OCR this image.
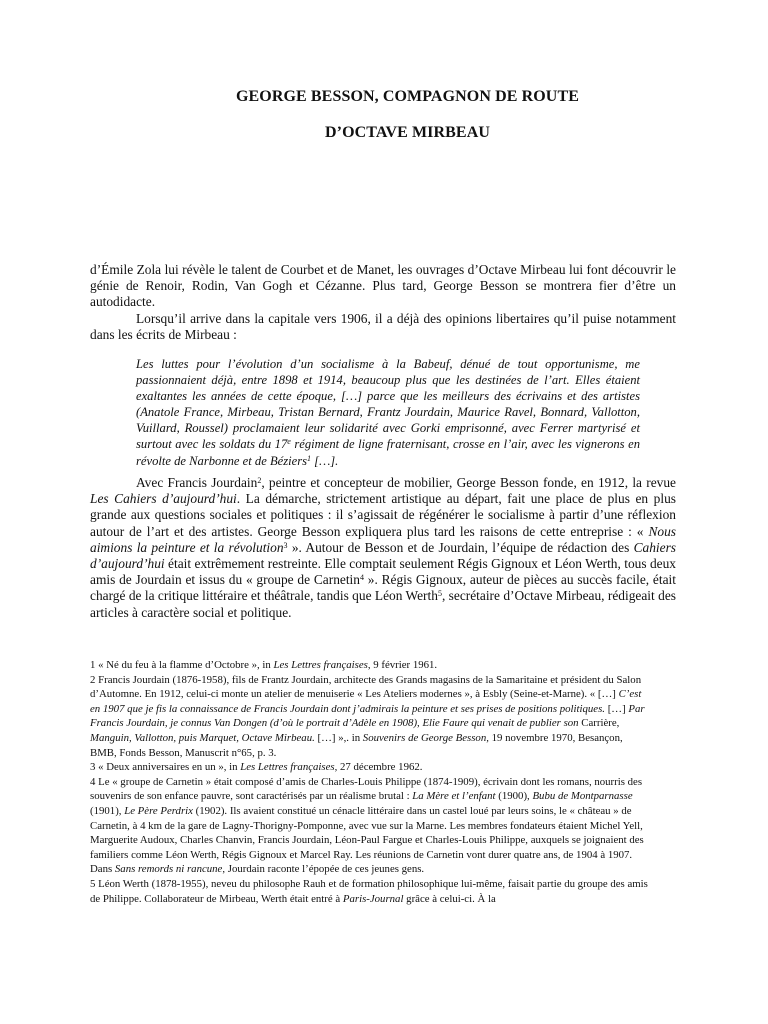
GEORGE BESSON, COMPAGNON DE ROUTE
D’OCTAVE MIRBEAU

d’Émile Zola lui révèle le talent de Courbet et de Manet, les ouvrages d’Octave Mirbeau lui font découvrir le génie de Renoir, Rodin, Van Gogh et Cézanne. Plus tard, George Besson se montrera fier d’être un autodidacte.

Lorsqu’il arrive dans la capitale vers 1906, il a déjà des opinions libertaires qu’il puise notamment dans les écrits de Mirbeau :

Les luttes pour l’évolution d’un socialisme à la Babeuf, dénué de tout opportunisme, me passionnaient déjà, entre 1898 et 1914, beaucoup plus que les destinées de l’art. Elles étaient exaltantes les années de cette époque, […] parce que les meilleurs des écrivains et des artistes (Anatole France, Mirbeau, Tristan Bernard, Frantz Jourdain, Maurice Ravel, Bonnard, Vallotton, Vuillard, Roussel) proclamaient leur solidarité avec Gorki emprisonné, avec Ferrer martyrisé et surtout avec les soldats du 17e régiment de ligne fraternisant, crosse en l’air, avec les vignerons en révolte de Narbonne et de Béziers$^1$ […].

Avec Francis Jourdain$^2$, peintre et concepteur de mobilier, George Besson fonde, en 1912, la revue Les Cahiers d’aujourd’hui. La démarche, strictement artistique au départ, fait une place de plus en plus grande aux questions sociales et politiques : il s’agissait de régénérer le socialisme à partir d’une réflexion autour de l’art et des artistes. George Besson expliquera plus tard les raisons de cette entreprise : « Nous aimions la peinture et la révolution$^3$ ». Autour de Besson et de Jourdain, l’équipe de rédaction des Cahiers d’aujourd’hui était extrêmement restreinte. Elle comptait seulement Régis Gignoux et Léon Werth, tous deux amis de Jourdain et issus du « groupe de Carnetin$^4$ ». Régis Gignoux, auteur de pièces au succès facile, était chargé de la critique littéraire et théâtrale, tandis que Léon Werth$^5$, secrétaire d’Octave Mirbeau, rédigeait des articles à caractère social et politique.

1 « Né du feu à la flamme d’Octobre », in Les Lettres françaises, 9 février 1961.

2 Francis Jourdain (1876-1958), fils de Frantz Jourdain, architecte des Grands magasins de la Samaritaine et président du Salon d’Automne. En 1912, celui-ci monte un atelier de menuiserie « Les Ateliers modernes », à Esbly (Seine-et-Marne). « […] C’est en 1907 que je fis la connaissance de Francis Jourdain dont j’admirais la peinture et ses prises de positions politiques. […] Par Francis Jourdain, je connus Van Dongen (d’où le portrait d’Adèle en 1908), Elie Faure qui venait de publier son Carrière, Manguin, Vallotton, puis Marquet, Octave Mirbeau. […] »,. in Souvenirs de George Besson, 19 novembre 1970, Besançon, BMB, Fonds Besson, Manuscrit n°65, p. 3.

3 « Deux anniversaires en un », in Les Lettres françaises, 27 décembre 1962.

4 Le « groupe de Carnetin » était composé d’amis de Charles-Louis Philippe (1874-1909), écrivain dont les romans, nourris des souvenirs de son enfance pauvre, sont caractérisés par un réalisme brutal : La Mère et l’enfant (1900), Bubu de Montparnasse (1901), Le Père Perdrix (1902). Ils avaient constitué un cénacle littéraire dans un castel loué par leurs soins, le « château » de Carnetin, à 4 km de la gare de Lagny-Thorigny-Pomponne, avec vue sur la Marne. Les membres fondateurs étaient Michel Yell, Marguerite Audoux, Charles Chanvin, Francis Jourdain, Léon-Paul Fargue et Charles-Louis Philippe, auxquels se joignaient des familiers comme Léon Werth, Régis Gignoux et Marcel Ray. Les réunions de Carnetin vont durer quatre ans, de 1904 à 1907. Dans Sans remords ni rancune, Jourdain raconte l’épopée de ces jeunes gens.

5 Léon Werth (1878-1955), neveu du philosophe Rauh et de formation philosophique lui-même, faisait partie du groupe des amis de Philippe. Collaborateur de Mirbeau, Werth était entré à Paris-Journal grâce à celui-ci. À la
